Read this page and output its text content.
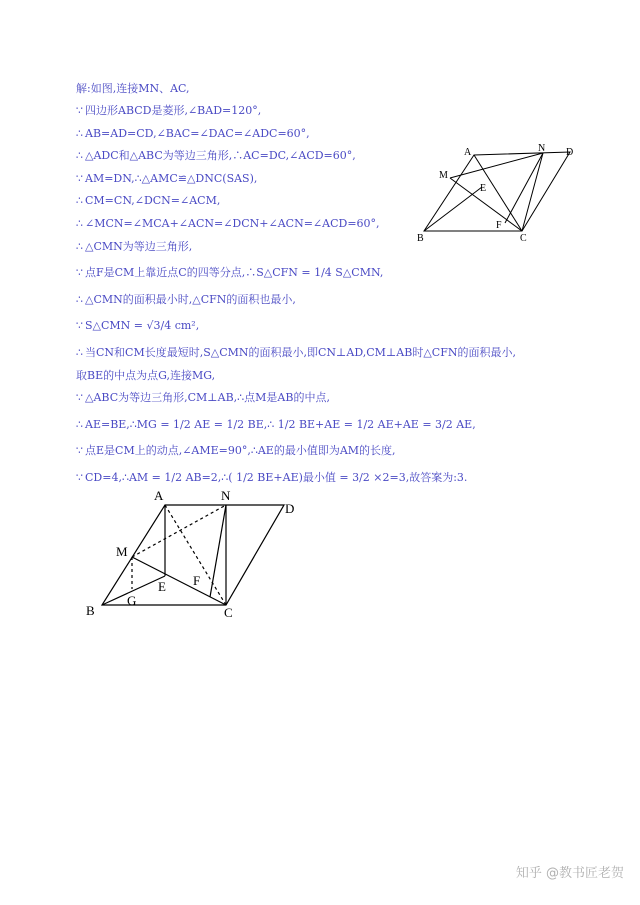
解:如图,连接MN、AC,
∵ 四边形ABCD是菱形,∠BAD=120°,
∴ AB=AD=CD,∠BAC=∠DAC=∠ADC=60°,
∴ △ADC和△ABC为等边三角形,∴AC=DC,∠ACD=60°,
∵ AM=DN,∴△AMC≌△DNC(SAS),
∴ CM=CN,∠DCN=∠ACM,
∴ ∠MCN=∠MCA+∠ACN=∠DCN+∠ACN=∠ACD=60°,
∴ △CMN为等边三角形,
∵ 点F是CM上靠近点C的四等分点,∴S△CFN = 1/4 S△CMN,
∴ △CMN的面积最小时,△CFN的面积也最小,
∵ S△CMN = √3/4 cm²,
∴ 当CN和CM长度最短时,S△CMN的面积最小,即CN⊥AD,CM⊥AB时△CFN的面积最小,
取BE的中点为点G,连接MG,
∵ △ABC为等边三角形,CM⊥AB,∴点M是AB的中点,
∴ AE=BE,∴MG = 1/2 AE = 1/2 BE,∴ 1/2 BE+AE = 1/2 AE+AE = 3/2 AE,
∵ 点E是CM上的动点,∠AME=90°,∴AE的最小值即为AM的长度,
∵ CD=4,∴AM = 1/2 AB=2,∴( 1/2 BE+AE)最小值 = 3/2 ×2=3,故答案为:3.
A	N D
M
E
F
B	C
A	N
D
M
E F
G
B	C
知乎 @教书匠老贺
